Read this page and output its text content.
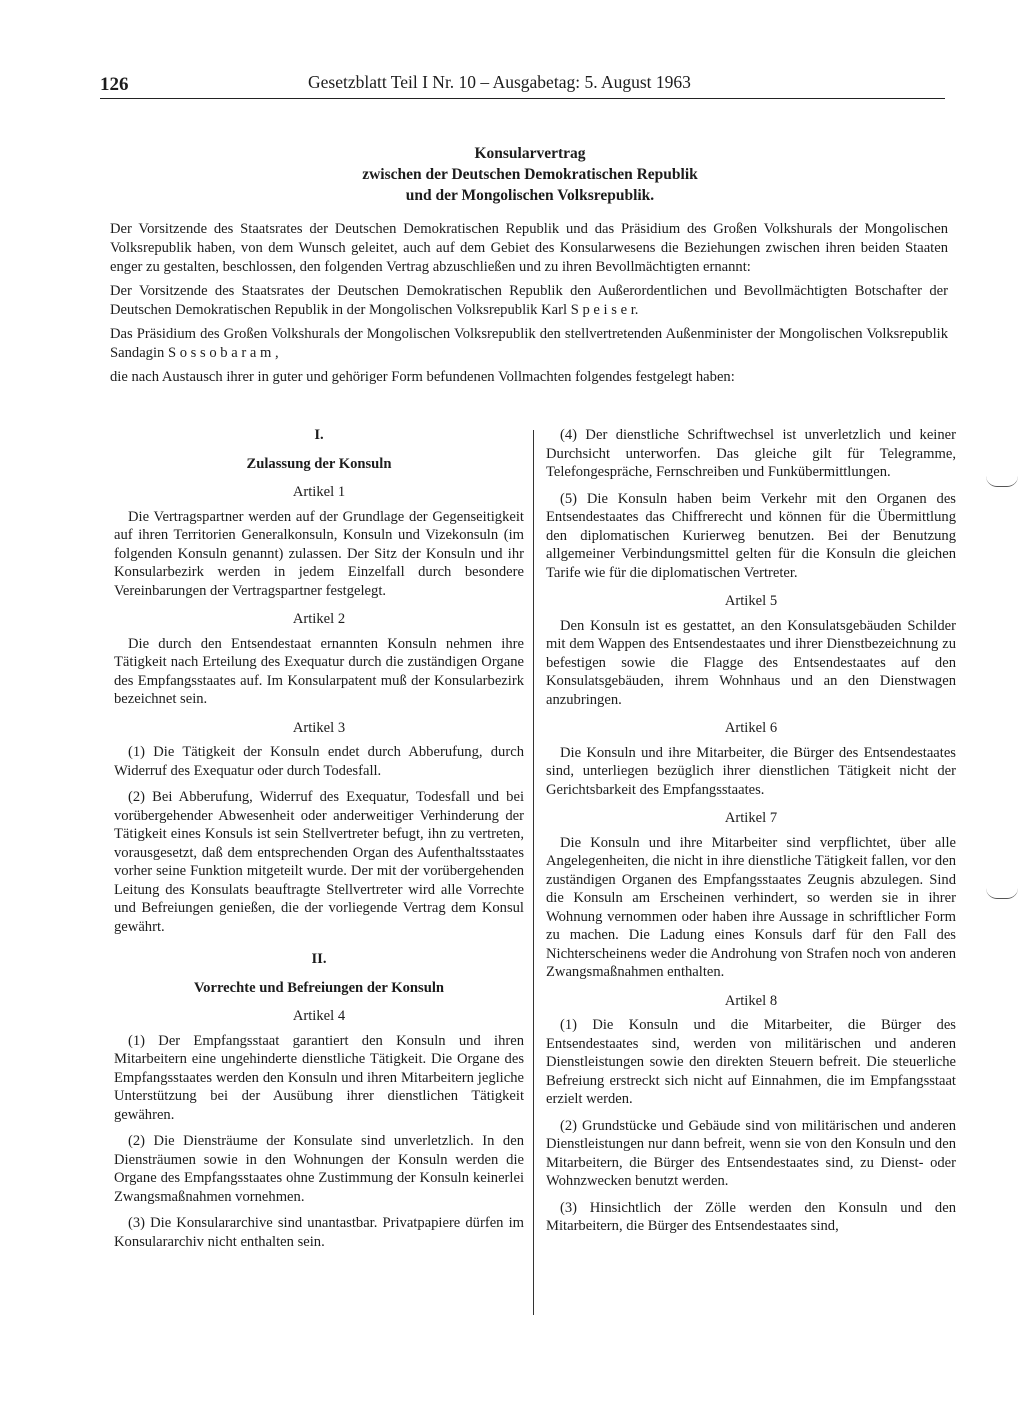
126	Gesetzblatt Teil I Nr. 10 – Ausgabetag: 5. August 1963
Konsularvertrag
zwischen der Deutschen Demokratischen Republik
und der Mongolischen Volksrepublik.

Der Vorsitzende des Staatsrates der Deutschen Demokratischen Republik und das Präsidium des Großen Volkshurals der Mongolischen Volksrepublik haben, von dem Wunsch geleitet, auch auf dem Gebiet des Konsularwesens die Beziehungen zwischen ihren beiden Staaten enger zu gestalten, beschlossen, den folgenden Vertrag abzuschließen und zu ihren Bevollmächtigten ernannt:

Der Vorsitzende des Staatsrates der Deutschen Demokratischen Republik den Außerordentlichen und Bevollmächtigten Botschafter der Deutschen Demokratischen Republik in der Mongolischen Volksrepublik Karl S p e i s e r.

Das Präsidium des Großen Volkshurals der Mongolischen Volksrepublik den stellvertretenden Außenminister der Mongolischen Volksrepublik Sandagin S o s s o b a r a m ,

die nach Austausch ihrer in guter und gehöriger Form befundenen Vollmachten folgendes festgelegt haben:

I.
Zulassung der Konsuln
Artikel 1

Die Vertragspartner werden auf der Grundlage der Gegenseitigkeit auf ihren Territorien Generalkonsuln, Konsuln und Vizekonsuln (im folgenden Konsuln genannt) zulassen. Der Sitz der Konsuln und ihr Konsularbezirk werden in jedem Einzelfall durch besondere Vereinbarungen der Vertragspartner festgelegt.

Artikel 2

Die durch den Entsendestaat ernannten Konsuln nehmen ihre Tätigkeit nach Erteilung des Exequatur durch die zuständigen Organe des Empfangsstaates auf. Im Konsularpatent muß der Konsularbezirk bezeichnet sein.

Artikel 3

(1) Die Tätigkeit der Konsuln endet durch Abberufung, durch Widerruf des Exequatur oder durch Todesfall.

(2) Bei Abberufung, Widerruf des Exequatur, Todesfall und bei vorübergehender Abwesenheit oder anderweitiger Verhinderung der Tätigkeit eines Konsuls ist sein Stellvertreter befugt, ihn zu vertreten, vorausgesetzt, daß dem entsprechenden Organ des Aufenthaltsstaates vorher seine Funktion mitgeteilt wurde. Der mit der vorübergehenden Leitung des Konsulats beauftragte Stellvertreter wird alle Vorrechte und Befreiungen genießen, die der vorliegende Vertrag dem Konsul gewährt.

II.
Vorrechte und Befreiungen der Konsuln
Artikel 4

(1) Der Empfangsstaat garantiert den Konsuln und ihren Mitarbeitern eine ungehinderte dienstliche Tätigkeit. Die Organe des Empfangsstaates werden den Konsuln und ihren Mitarbeitern jegliche Unterstützung bei der Ausübung ihrer dienstlichen Tätigkeit gewähren.

(2) Die Diensträume der Konsulate sind unverletzlich. In den Diensträumen sowie in den Wohnungen der Konsuln werden die Organe des Empfangsstaates ohne Zustimmung der Konsuln keinerlei Zwangsmaßnahmen vornehmen.

(3) Die Konsulararchive sind unantastbar. Privatpapiere dürfen im Konsulararchiv nicht enthalten sein.

(4) Der dienstliche Schriftwechsel ist unverletzlich und keiner Durchsicht unterworfen. Das gleiche gilt für Telegramme, Telefongespräche, Fernschreiben und Funkübermittlungen.

(5) Die Konsuln haben beim Verkehr mit den Organen des Entsendestaates das Chiffrerecht und können für die Übermittlung den diplomatischen Kurierweg benutzen. Bei der Benutzung allgemeiner Verbindungsmittel gelten für die Konsuln die gleichen Tarife wie für die diplomatischen Vertreter.

Artikel 5

Den Konsuln ist es gestattet, an den Konsulatsgebäuden Schilder mit dem Wappen des Entsendestaates und ihrer Dienstbezeichnung zu befestigen sowie die Flagge des Entsendestaates auf den Konsulatsgebäuden, ihrem Wohnhaus und an den Dienstwagen anzubringen.

Artikel 6

Die Konsuln und ihre Mitarbeiter, die Bürger des Entsendestaates sind, unterliegen bezüglich ihrer dienstlichen Tätigkeit nicht der Gerichtsbarkeit des Empfangsstaates.

Artikel 7

Die Konsuln und ihre Mitarbeiter sind verpflichtet, über alle Angelegenheiten, die nicht in ihre dienstliche Tätigkeit fallen, vor den zuständigen Organen des Empfangsstaates Zeugnis abzulegen. Sind die Konsuln am Erscheinen verhindert, so werden sie in ihrer Wohnung vernommen oder haben ihre Aussage in schriftlicher Form zu machen. Die Ladung eines Konsuls darf für den Fall des Nichterscheinens weder die Androhung von Strafen noch von anderen Zwangsmaßnahmen enthalten.

Artikel 8

(1) Die Konsuln und die Mitarbeiter, die Bürger des Entsendestaates sind, werden von militärischen und anderen Dienstleistungen sowie den direkten Steuern befreit. Die steuerliche Befreiung erstreckt sich nicht auf Einnahmen, die im Empfangsstaat erzielt werden.

(2) Grundstücke und Gebäude sind von militärischen und anderen Dienstleistungen nur dann befreit, wenn sie von den Konsuln und den Mitarbeitern, die Bürger des Entsendestaates sind, zu Dienst- oder Wohnzwecken benutzt werden.

(3) Hinsichtlich der Zölle werden den Konsuln und den Mitarbeitern, die Bürger des Entsendestaates sind,
